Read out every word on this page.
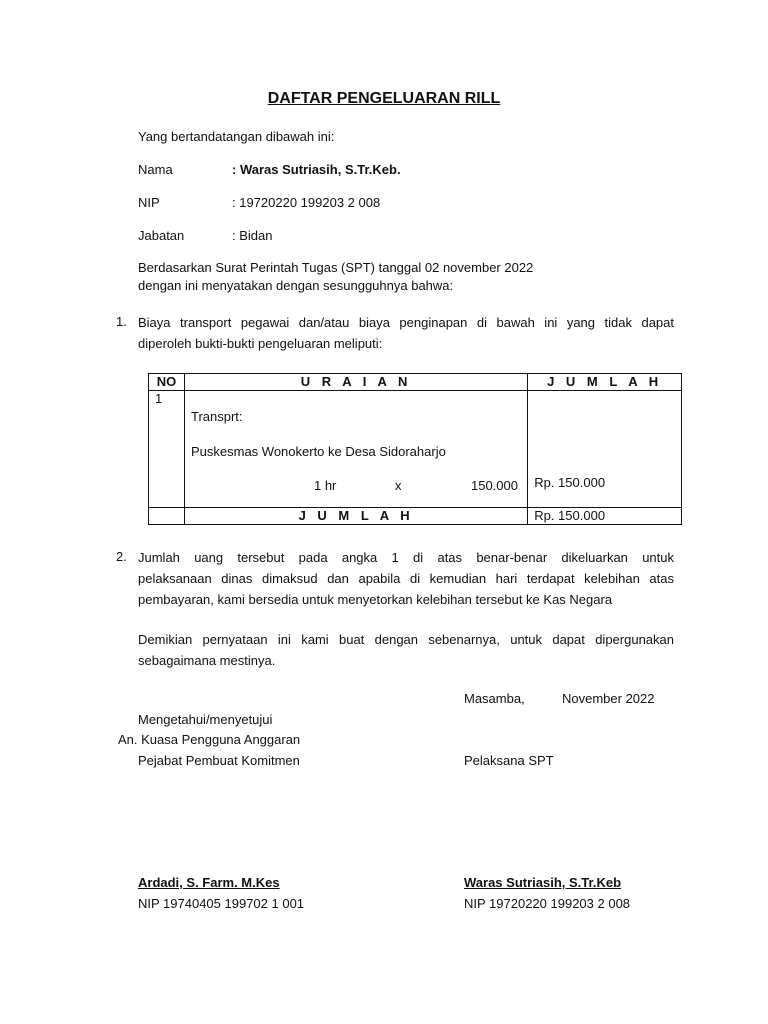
DAFTAR PENGELUARAN RILL
Yang bertandatangan dibawah ini:
Nama	: Waras Sutriasih, S.Tr.Keb.
NIP	: 19720220 199203 2 008
Jabatan	: Bidan
Berdasarkan Surat Perintah Tugas (SPT) tanggal 02 november 2022
dengan ini menyatakan dengan sesungguhnya bahwa:
1. Biaya transport pegawai dan/atau biaya penginapan di bawah ini yang tidak dapat

diperoleh bukti-bukti pengeluaran meliputi:

NO	U R A I A N	J U M L A H
1	Transprt:
Puskesmas Wonokerto ke Desa Sidoraharjo
1 hr x 150.000	Rp. 150.000

	J U M L A H	Rp. 150.000
2. Jumlah uang tersebut pada angka 1 di atas benar-benar dikeluarkan untuk

pelaksanaan dinas dimaksud dan apabila di kemudian hari terdapat kelebihan atas

pembayaran, kami bersedia untuk menyetorkan kelebihan tersebut ke Kas Negara

Demikian pernyataan ini kami buat dengan sebenarnya, untuk dapat dipergunakan

sebagaimana mestinya.

Masamba,	November 2022
Mengetahui/menyetujui
An. Kuasa Pengguna Anggaran
Pejabat Pembuat Komitmen
Ardadi, S. Farm. M.Kes
NIP 19740405 199702 1 001
Pelaksana SPT
Waras Sutriasih, S.Tr.Keb
NIP 19720220 199203 2 008
